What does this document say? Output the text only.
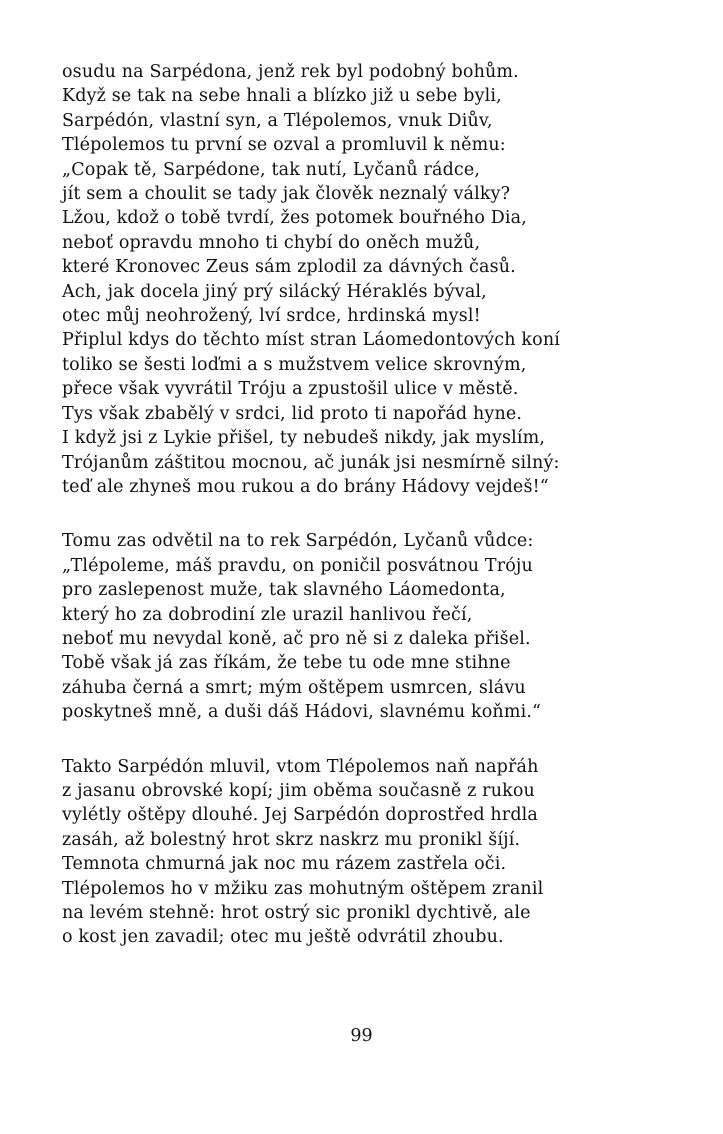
osudu na Sarpédona, jenž rek byl podobný bohům.
Když se tak na sebe hnali a blízko již u sebe byli,
Sarpédón, vlastní syn, a Tlépolemos, vnuk Diův,
Tlépolemos tu první se ozval a promluvil k němu:
„Copak tě, Sarpédone, tak nutí, Lyčanů rádce,
jít sem a choulit se tady jak člověk neznalý války?
Lžou, kdož o tobě tvrdí, žes potomek bouřného Dia,
neboť opravdu mnoho ti chybí do oněch mužů,
které Kronovec Zeus sám zplodil za dávných časů.
Ach, jak docela jiný prý silácký Héraklés býval,
otec můj neohrožený, lví srdce, hrdinská mysl!
Připlul kdys do těchto míst stran Láomedontových koní
toliko se šesti loďmi a s mužstvem velice skrovným,
přece však vyvrátil Tróju a zpustošil ulice v městě.
Tys však zbabělý v srdci, lid proto ti napořád hyne.
I když jsi z Lykie přišel, ty nebudeš nikdy, jak myslím,
Trójanům záštitou mocnou, ač junák jsi nesmírně silný:
teď ale zhyneš mou rukou a do brány Hádovy vejdeš!“
Tomu zas odvětil na to rek Sarpédón, Lyčanů vůdce:
„Tlépoleme, máš pravdu, on poničil posvátnou Tróju
pro zaslepenost muže, tak slavného Láomedonta,
který ho za dobrodiní zle urazil hanlivou řečí,
neboť mu nevydal koně, ač pro ně si z daleka přišel.
Tobě však já zas říkám, že tebe tu ode mne stihne
záhuba černá a smrt; mým oštěpem usmrcen, slávu
poskytneš mně, a duši dáš Hádovi, slavnému koňmi.“
Takto Sarpédón mluvil, vtom Tlépolemos naň napřáh
z jasanu obrovské kopí; jim oběma současně z rukou
vylétly oštěpy dlouhé. Jej Sarpédón doprostřed hrdla
zasáh, až bolestný hrot skrz naskrz mu pronikl šíjí.
Temnota chmurná jak noc mu rázem zastřela oči.
Tlépolemos ho v mžiku zas mohutným oštěpem zranil
na levém stehně: hrot ostrý sic pronikl dychtivě, ale
o kost jen zavadil; otec mu ještě odvrátil zhoubu.
99
